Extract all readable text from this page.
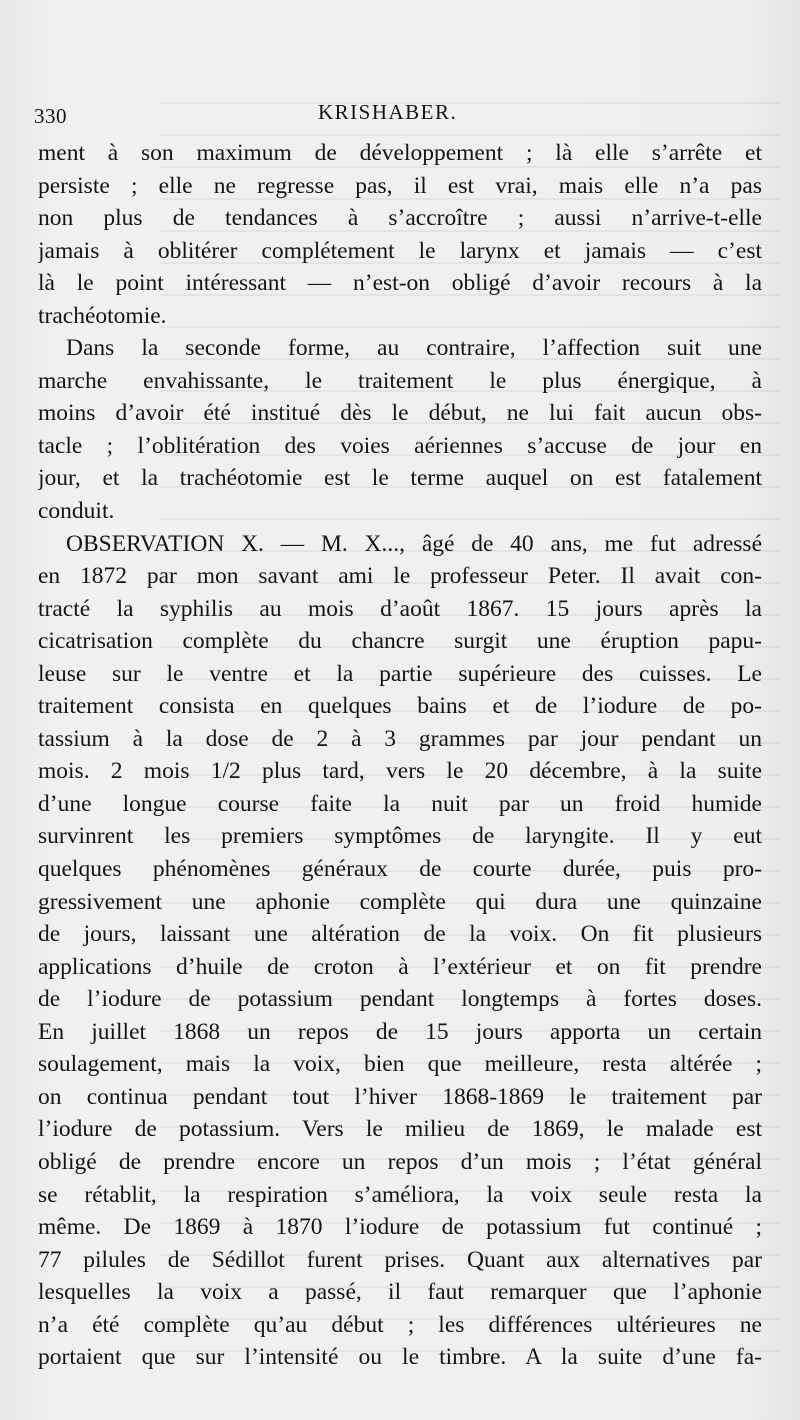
330	KRISHABER.
ment à son maximum de développement ; là elle s’arrête et
persiste ; elle ne regresse pas, il est vrai, mais elle n’a pas
non plus de tendances à s’accroître ; aussi n’arrive-t-elle
jamais à oblitérer complétement le larynx et jamais — c’est
là le point intéressant — n’est-on obligé d’avoir recours à la
trachéotomie.
Dans la seconde forme, au contraire, l’affection suit une
marche envahissante, le traitement le plus énergique, à
moins d’avoir été institué dès le début, ne lui fait aucun obs-
tacle ; l’oblitération des voies aériennes s’accuse de jour en
jour, et la trachéotomie est le terme auquel on est fatalement
conduit.
OBSERVATION X. — M. X..., âgé de 40 ans, me fut adressé
en 1872 par mon savant ami le professeur Peter. Il avait con-
tracté la syphilis au mois d’août 1867. 15 jours après la
cicatrisation complète du chancre surgit une éruption papu-
leuse sur le ventre et la partie supérieure des cuisses. Le
traitement consista en quelques bains et de l’iodure de po-
tassium à la dose de 2 à 3 grammes par jour pendant un
mois. 2 mois 1/2 plus tard, vers le 20 décembre, à la suite
d’une longue course faite la nuit par un froid humide
survinrent les premiers symptômes de laryngite. Il y eut
quelques phénomènes généraux de courte durée, puis pro-
gressivement une aphonie complète qui dura une quinzaine
de jours, laissant une altération de la voix. On fit plusieurs
applications d’huile de croton à l’extérieur et on fit prendre
de l’iodure de potassium pendant longtemps à fortes doses.
En juillet 1868 un repos de 15 jours apporta un certain
soulagement, mais la voix, bien que meilleure, resta altérée ;
on continua pendant tout l’hiver 1868-1869 le traitement par
l’iodure de potassium. Vers le milieu de 1869, le malade est
obligé de prendre encore un repos d’un mois ; l’état général
se rétablit, la respiration s’améliora, la voix seule resta la
même. De 1869 à 1870 l’iodure de potassium fut continué ;
77 pilules de Sédillot furent prises. Quant aux alternatives par
lesquelles la voix a passé, il faut remarquer que l’aphonie
n’a été complète qu’au début ; les différences ultérieures ne
portaient que sur l’intensité ou le timbre. A la suite d’une fa-
